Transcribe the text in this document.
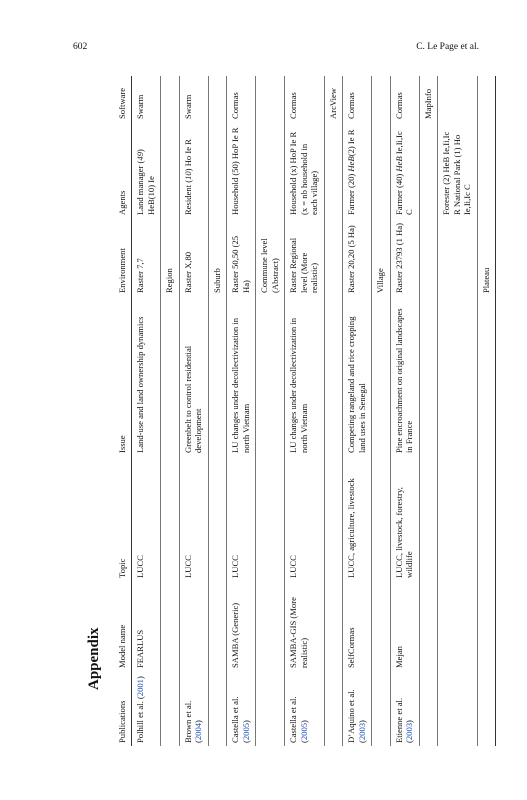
602	C. Le Page et al.
Appendix
Publications	Model name	Topic	Issue	Environment	Agents	Software
Polhill et al. (2001)	FEARLUS	LUCC	Land-use and land ownership dynamics	Raster 7,7	Land manager (49) HeB(10) Ie	Swarm
				Region		
Brown et al. (2004)		LUCC	Greenbelt to control residential development	Raster X,80	Resident (10) Ho Ie R	Swarm
				Suburb		
Castella et al. (2005)	SAMBA (Generic)	LUCC	LU changes under decollectivization in north Vietnam	Raster 50,50 (25 Ha)	Household (50) HoP Ie R	Cormas
				Commune level (Abstract)		
Castella et al. (2005)	SAMBA-GIS (More realistic)	LUCC	LU changes under decollectivization in north Vietnam	Raster Regional level (More realistic)	Household (x) HoP Ie R (x = nb household in each village)	Cormas
						ArcView
D’Aquino et al. (2003)	SelfCormas	LUCC, agriculture, livestock	Competing rangeland and rice cropping land uses in Senegal	Raster 20,20 (5 Ha)	Farmer (20) HeB(2) Ie R	Cormas
				Village		
Etienne et al. (2003)	Mejan	LUCC, livestock, forestry, wildlife	Pine encroachment on original landscapes in France	Raster 23793 (1 Ha)	Farmer (40) HeB Ie,Ii,Ic C	Cormas
						MapInfo
					Forester (2) HeB Ie,Ii,Ic R National Park (1) Ho Ie,Ii,Ic C	
				Plateau		
